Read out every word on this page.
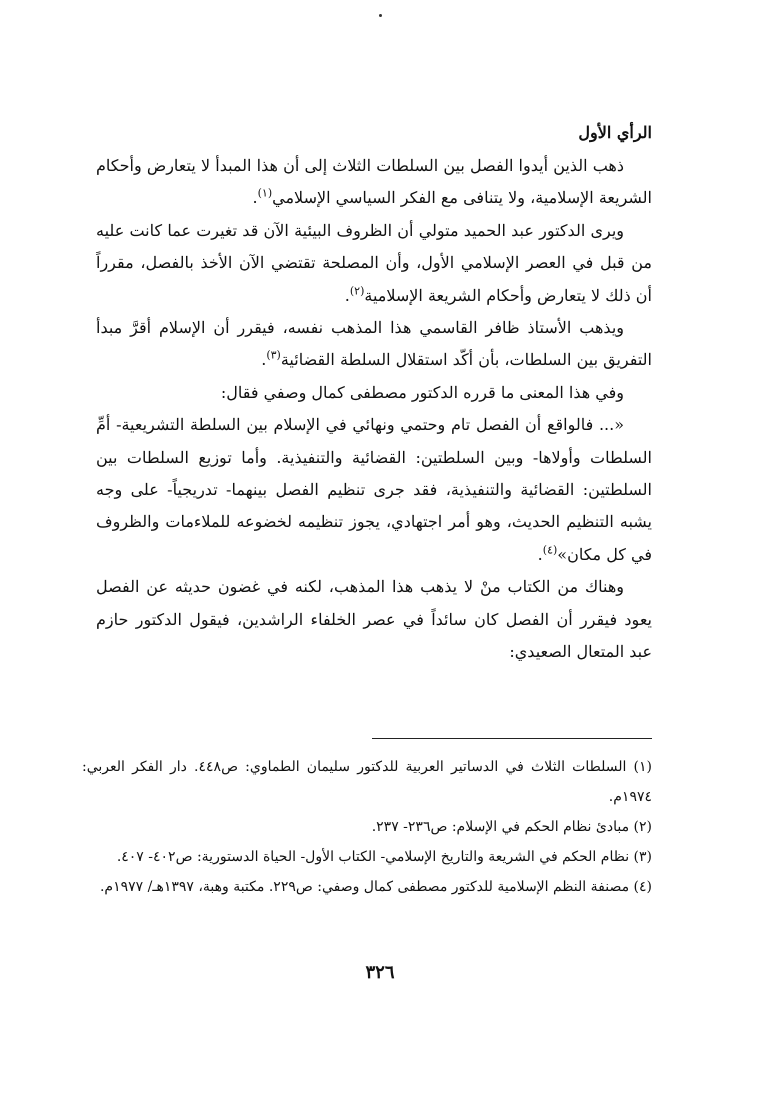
الرأي الأول

ذهب الذين أيدوا الفصل بين السلطات الثلاث إلى أن هذا المبدأ لا يتعارض وأحكام الشريعة الإسلامية، ولا يتنافى مع الفكر السياسي الإسلامي$^{(١)}$.

ويرى الدكتور عبد الحميد متولي أن الظروف البيئية الآن قد تغيرت عما كانت عليه من قبل في العصر الإسلامي الأول، وأن المصلحة تقتضي الآن الأخذ بالفصل، مقرراً أن ذلك لا يتعارض وأحكام الشريعة الإسلامية$^{(٢)}$.

ويذهب الأستاذ ظافر القاسمي هذا المذهب نفسه، فيقرر أن الإسلام أقرَّ مبدأ التفريق بين السلطات، بأن أكّد استقلال السلطة القضائية$^{(٣)}$.

وفي هذا المعنى ما قرره الدكتور مصطفى كمال وصفي فقال:

«... فالواقع أن الفصل تام وحتمي ونهائي في الإسلام بين السلطة التشريعية- أمِّ السلطات وأولاها- وبين السلطتين: القضائية والتنفيذية. وأما توزيع السلطات بين السلطتين: القضائية والتنفيذية، فقد جرى تنظيم الفصل بينهما- تدريجياً- على وجه يشبه التنظيم الحديث، وهو أمر اجتهادي، يجوز تنظيمه لخضوعه للملاءمات والظروف في كل مكان»$^{(٤)}$.

وهناك من الكتاب منْ لا يذهب هذا المذهب، لكنه في غضون حديثه عن الفصل يعود فيقرر أن الفصل كان سائداً في عصر الخلفاء الراشدين، فيقول الدكتور حازم عبد المتعال الصعيدي:

(١) السلطات الثلاث في الدساتير العربية للدكتور سليمان الطماوي: ص٤٤٨. دار الفكر العربي: ١٩٧٤م.

(٢) مبادئ نظام الحكم في الإسلام: ص٢٣٦- ٢٣٧.

(٣) نظام الحكم في الشريعة والتاريخ الإسلامي- الكتاب الأول- الحياة الدستورية: ص٤٠٢- ٤٠٧.

(٤) مصنفة النظم الإسلامية للدكتور مصطفى كمال وصفي: ص٢٢٩. مكتبة وهبة، ١٣٩٧هـ/ ١٩٧٧م.

٣٢٦
